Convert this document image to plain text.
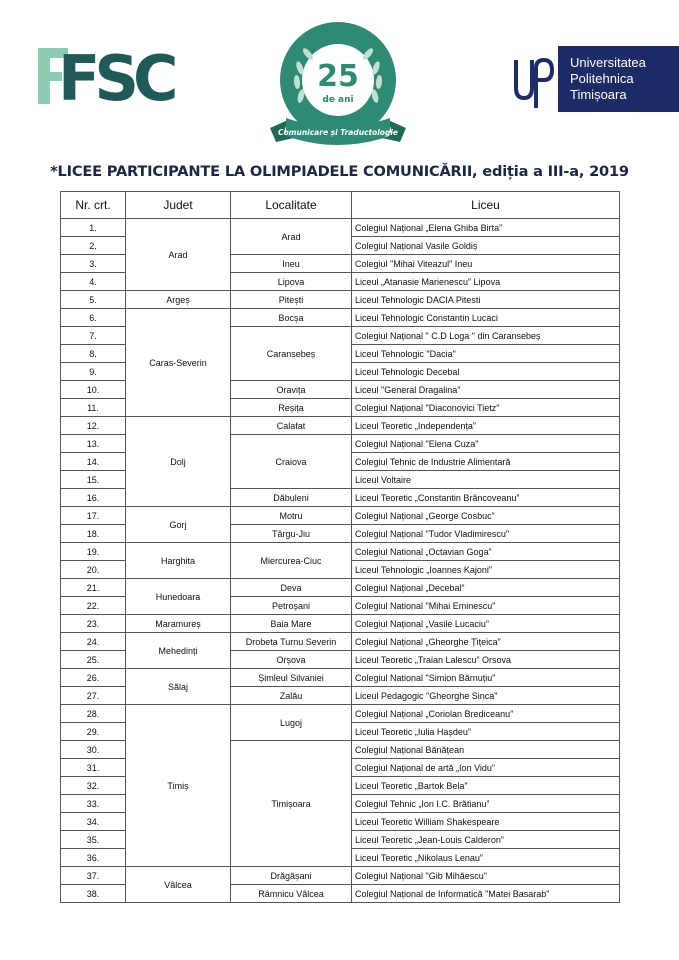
FSC	25
de ani
Comunicare și Traductologie
UPT
Universitatea
Politehnica
Timișoara
*LICEE PARTICIPANTE LA OLIMPIADELE COMUNICĂRII, ediția a III-a, 2019
Nr. crt.	Judet	Localitate	Liceu
1.	Arad	Arad	Colegiul Național „Elena Ghiba Birta”
2.			Colegiul Național Vasile Goldiș
3.		Ineu	Colegiul "Mihai Viteazul" Ineu
4.		Lipova	Liceul „Atanasie Marienescu” Lipova
5.	Argeș	Pitești	Liceul Tehnologic DACIA Pitesti
6.	Caras-Severin	Bocșa	Liceul Tehnologic Constantin Lucaci
7.		Caransebeș	Colegiul Național " C.D Loga " din Caransebeș
8.			Liceul Tehnologic "Dacia"
9.			Liceul Tehnologic Decebal
10.		Oravița	Liceul "General Dragalina"
11.		Reșița	Colegiul Național "Diaconovici Tietz"
12.	Dolj	Calafat	Liceul Teoretic „Independența”
13.		Craiova	Colegiul Național "Elena Cuza"
14.			Colegiul Tehnic de Industrie Alimentară
15.			Liceul Voltaire
16.		Dăbuleni	Liceul Teoretic „Constantin Brâncoveanu”
17.	Gorj	Motru	Colegiul Național „George Cosbuc”
18.		Târgu-Jiu	Colegiul Național "Tudor Vladimirescu"
19.	Harghita	Miercurea-Ciuc	Colegiul National „Octavian Goga”
20.			Liceul Tehnologic „Ioannes Kajoni”
21.	Hunedoara	Deva	Colegiul Național „Decebal”
22.		Petroșani	Colegiul National "Mihai Eminescu"
23.	Maramureș	Baia Mare	Colegiul Național „Vasile Lucaciu”
24.	Mehedinți	Drobeta Turnu Severin	Colegiul Național „Gheorghe Țițeica”
25.		Orșova	Liceul Teoretic „Traian Lalescu” Orsova
26.	Sălaj	Șimleul Silvaniei	Colegiul National "Simion Bărnuțiu"
27.		Zalău	Liceul Pedagogic "Gheorghe Sinca"
28.	Timiș	Lugoj	Colegiul Național „Coriolan Brediceanu”
29.			Liceul Teoretic „Iulia Hașdeu”
30.		Timișoara	Colegiul Național Bănățean
31.			Colegiul Național de artă „Ion Vidu”
32.			Liceul Teoretic „Bartok Bela”
33.			Colegiul Tehnic „Ion I.C. Brătianu”
34.			Liceul Teoretic William Shakespeare
35.			Liceul Teoretic „Jean-Louis Calderon”
36.			Liceul Teoretic „Nikolaus Lenau”
37.	Vâlcea	Drăgășani	Colegiul Național "Gib Mihăescu"
38.		Râmnicu Vâlcea	Colegiul Național de Informatică "Matei Basarab"
